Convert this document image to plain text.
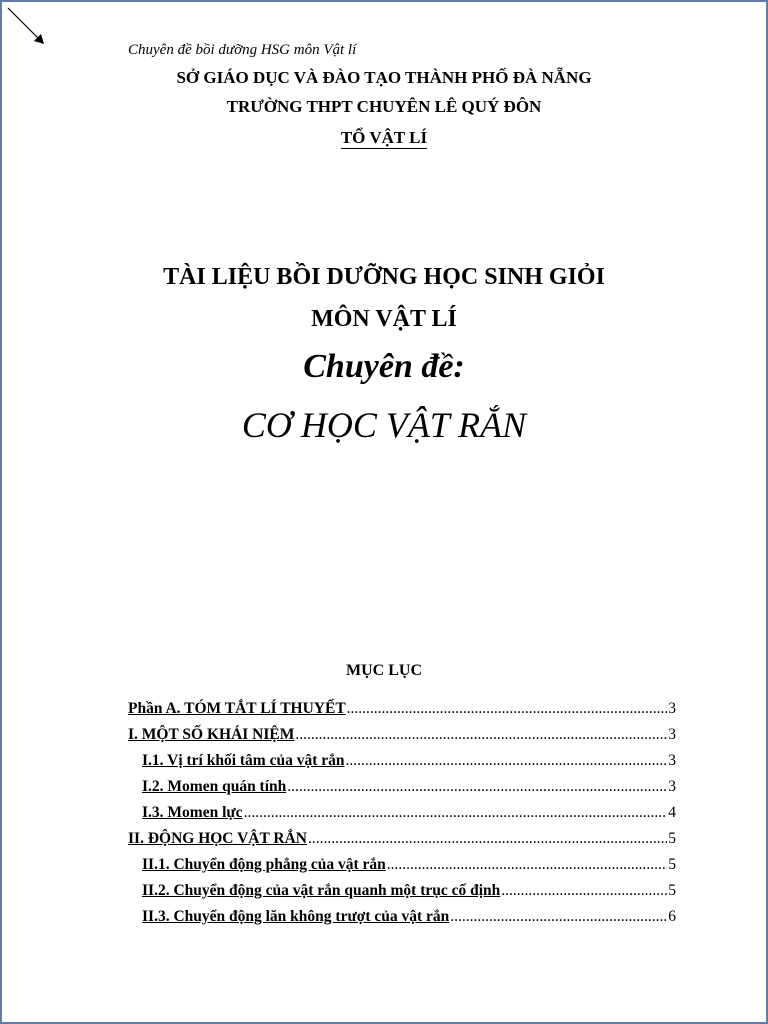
Chuyên đề bồi dưỡng HSG môn Vật lí
SỞ GIÁO DỤC VÀ ĐÀO TẠO THÀNH PHỐ ĐÀ NẴNG
TRƯỜNG THPT CHUYÊN LÊ QUÝ ĐÔN
TỔ VẬT LÍ
TÀI LIỆU BỒI DƯỠNG HỌC SINH GIỎI
MÔN VẬT LÍ
Chuyên đề:
CƠ HỌC VẬT RẮN
MỤC LỤC
Phần A. TÓM TẮT LÍ THUYẾT .....	3
I. MỘT SỐ KHÁI NIỆM .....	3
I.1. Vị trí khối tâm của vật rắn .....	3
I.2. Momen quán tính .....	3
I.3. Momen lực .....	4
II. ĐỘNG HỌC VẬT RẮN .....	5
II.1. Chuyển động phẳng của vật rắn .....	5
II.2. Chuyển động của vật rắn quanh một trục cố định .....	5
II.3. Chuyển động lăn không trượt của vật rắn .....	6
